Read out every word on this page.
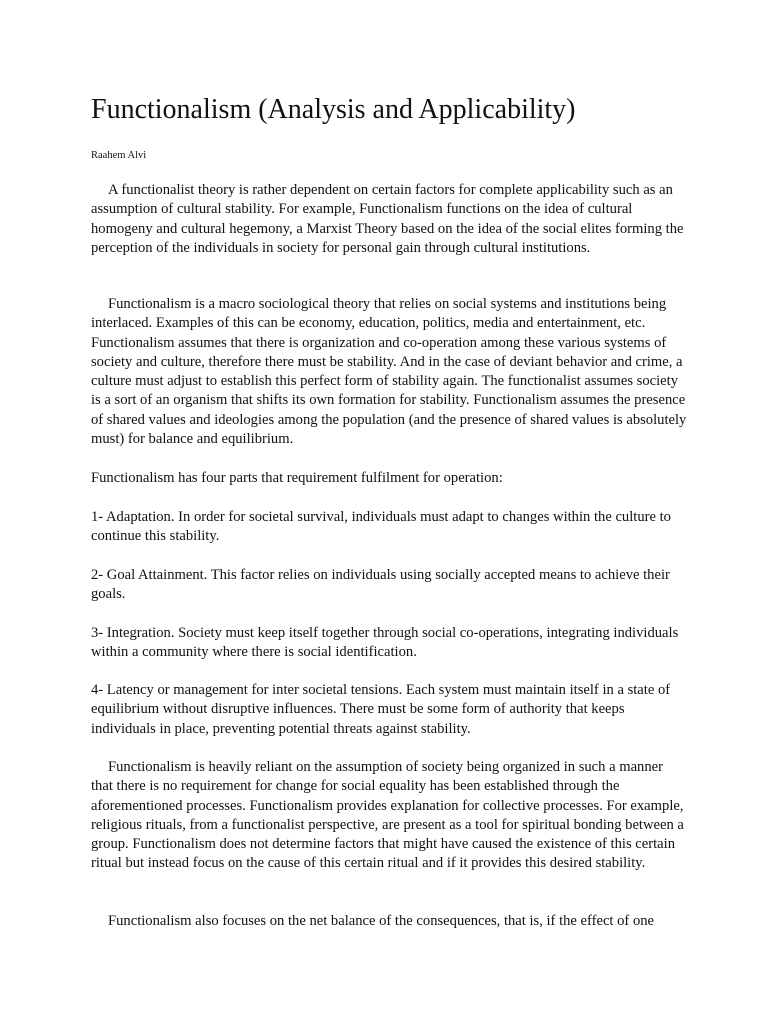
Functionalism (Analysis and Applicability)

Raahem Alvi

A functionalist theory is rather dependent on certain factors for complete applicability such as an assumption of cultural stability. For example, Functionalism functions on the idea of cultural homogeny and cultural hegemony, a Marxist Theory based on the idea of the social elites forming the perception of the individuals in society for personal gain through cultural institutions.

Functionalism is a macro sociological theory that relies on social systems and institutions being interlaced. Examples of this can be economy, education, politics, media and entertainment, etc. Functionalism assumes that there is organization and co-operation among these various systems of society and culture, therefore there must be stability. And in the case of deviant behavior and crime, a culture must adjust to establish this perfect form of stability again. The functionalist assumes society is a sort of an organism that shifts its own formation for stability. Functionalism assumes the presence of shared values and ideologies among the population (and the presence of shared values is absolutely must) for balance and equilibrium.

Functionalism has four parts that requirement fulfilment for operation:

1- Adaptation. In order for societal survival, individuals must adapt to changes within the culture to continue this stability.

2- Goal Attainment. This factor relies on individuals using socially accepted means to achieve their goals.

3- Integration. Society must keep itself together through social co-operations, integrating individuals within a community where there is social identification.

4- Latency or management for inter societal tensions. Each system must maintain itself in a state of equilibrium without disruptive influences. There must be some form of authority that keeps individuals in place, preventing potential threats against stability.

Functionalism is heavily reliant on the assumption of society being organized in such a manner that there is no requirement for change for social equality has been established through the aforementioned processes. Functionalism provides explanation for collective processes. For example, religious rituals, from a functionalist perspective, are present as a tool for spiritual bonding between a group. Functionalism does not determine factors that might have caused the existence of this certain ritual but instead focus on the cause of this certain ritual and if it provides this desired stability.

Functionalism also focuses on the net balance of the consequences, that is, if the effect of one
